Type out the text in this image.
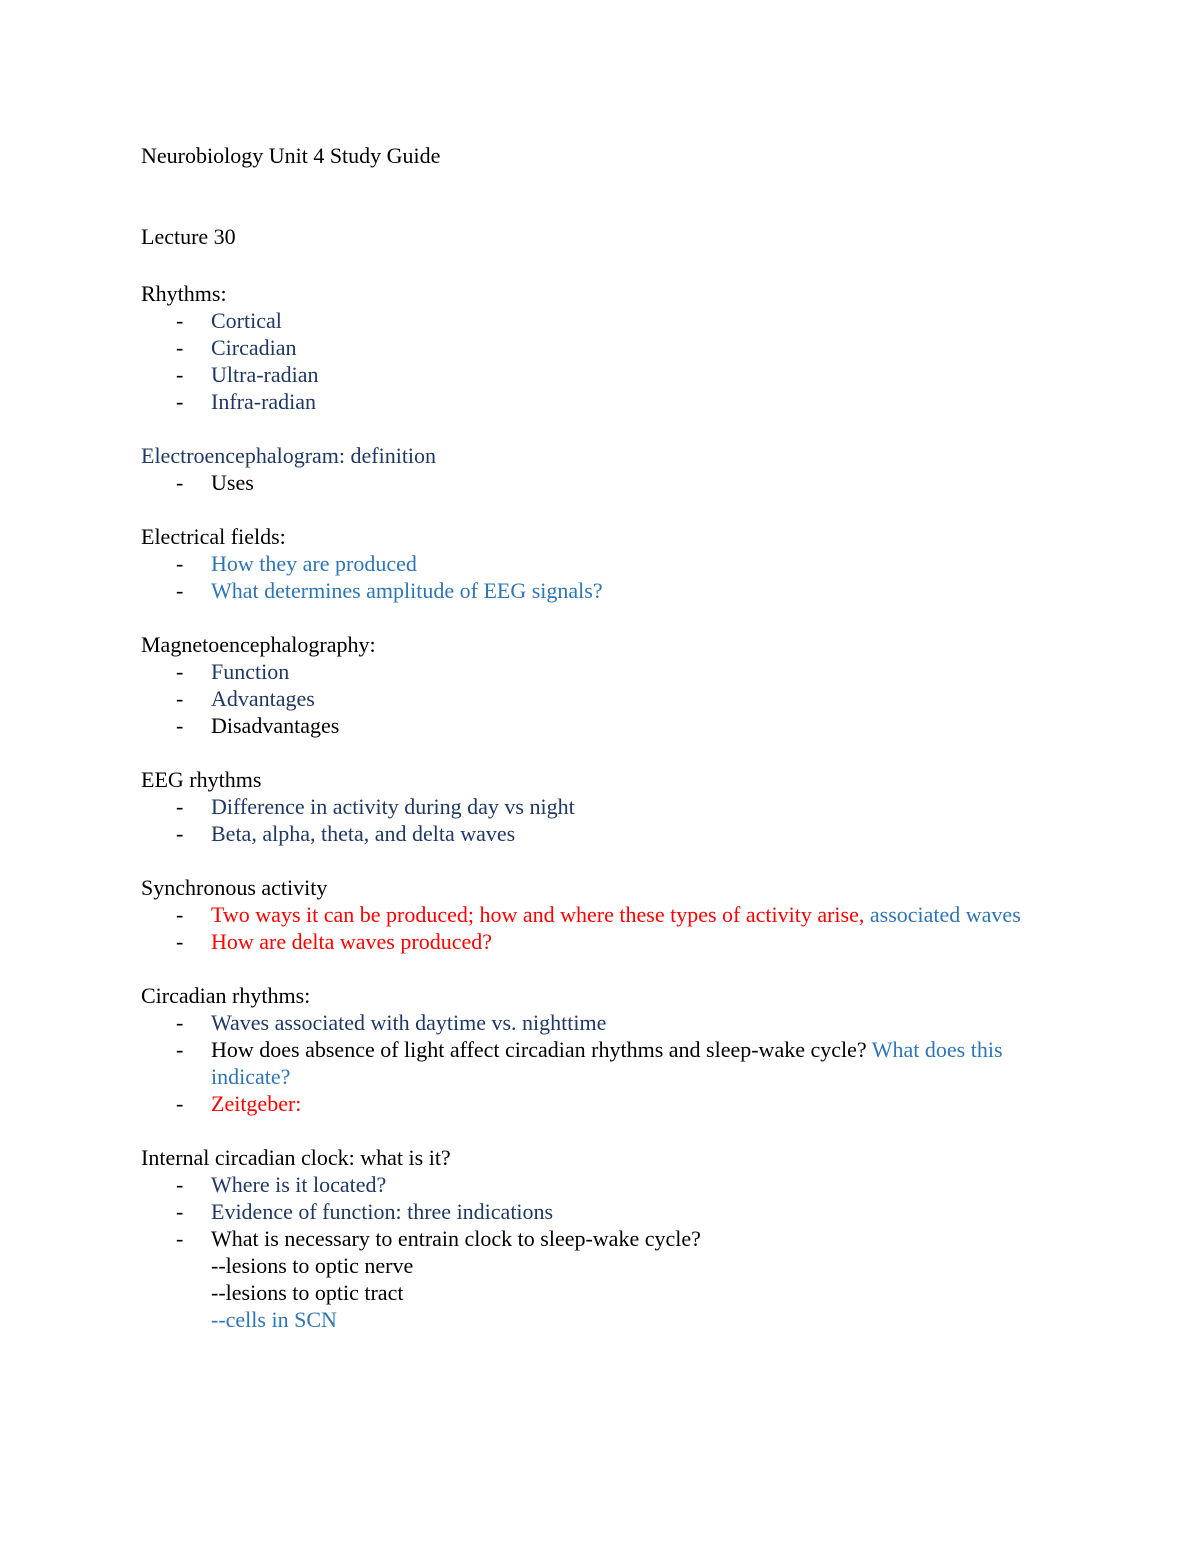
Neurobiology Unit 4 Study Guide
Lecture 30
Rhythms:
- Cortical
- Circadian
- Ultra-radian
- Infra-radian
Electroencephalogram: definition
- Uses
Electrical fields:
- How they are produced
- What determines amplitude of EEG signals?
Magnetoencephalography:
- Function
- Advantages
- Disadvantages
EEG rhythms
- Difference in activity during day vs night
- Beta, alpha, theta, and delta waves
Synchronous activity
- Two ways it can be produced; how and where these types of activity arise, associated waves
- How are delta waves produced?
Circadian rhythms:
- Waves associated with daytime vs. nighttime
- How does absence of light affect circadian rhythms and sleep-wake cycle? What does this indicate?
- Zeitgeber:
Internal circadian clock: what is it?
- Where is it located?
- Evidence of function: three indications
- What is necessary to entrain clock to sleep-wake cycle?
--lesions to optic nerve
--lesions to optic tract
--cells in SCN
